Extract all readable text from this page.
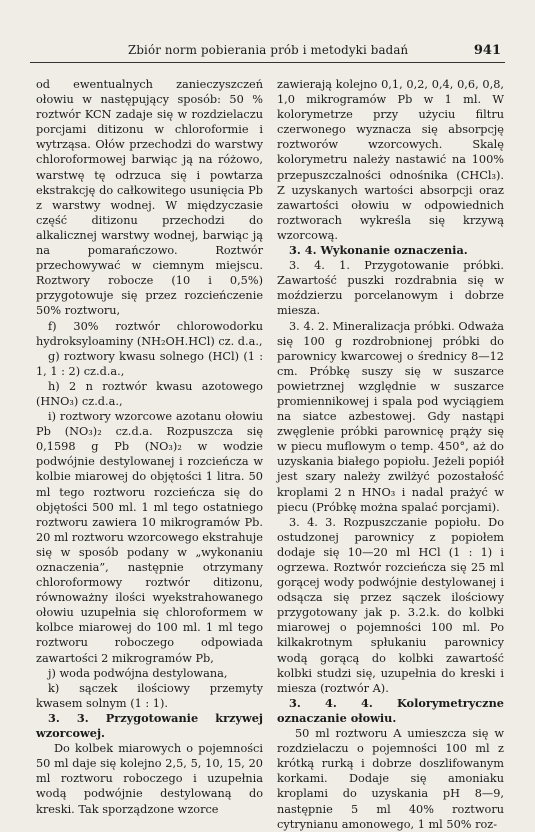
Zbiór norm pobierania prób i metodyki badań	941

od ewentualnych zanieczyszczeń ołowiu w następujący sposób: 50 % roztwór KCN zadaje się w rozdzielaczu porcjami ditizonu w chloroformie i wytrząsa. Ołów przechodzi do warstwy chloroformowej barwiąc ją na różowo, warstwę tę odrzuca się i powtarza ekstrakcję do całkowitego usunięcia Pb z warstwy wodnej. W międzyczasie część ditizonu przechodzi do alkalicznej warstwy wodnej, barwiąc ją na pomarańczowo. Roztwór przechowywać w ciemnym miejscu. Roztwory robocze (10 i 0,5%) przygotowuje się przez rozcieńczenie 50% roztworu,

f) 30% roztwór chlorowodorku hydroksyloaminy (NH₂OH.HCl) cz. d.a.,

g) roztwory kwasu solnego (HCl) (1 : 1, 1 : 2) cz.d.a.,

h) 2 n roztwór kwasu azotowego (HNO₃) cz.d.a.,

i) roztwory wzorcowe azotanu ołowiu Pb (NO₃)₂ cz.d.a. Rozpuszcza się 0,1598 g Pb (NO₃)₂ w wodzie podwójnie destylowanej i rozcieńcza w kolbie miarowej do objętości 1 litra. 50 ml tego roztworu rozcieńcza się do objętości 500 ml. 1 ml tego ostatniego roztworu zawiera 10 mikrogramów Pb. 20 ml roztworu wzorcowego ekstrahuje się w sposób podany w „wykonaniu oznaczenia”, następnie otrzymany chloroformowy roztwór ditizonu, równoważny ilości wyekstrahowanego ołowiu uzupełnia się chloroformem w kolbce miarowej do 100 ml. 1 ml tego roztworu roboczego odpowiada zawartości 2 mikrogramów Pb,

j) woda podwójna destylowana,

k) sączek ilościowy przemyty kwasem solnym (1 : 1).

3. 3. Przygotowanie krzywej wzorcowej.

Do kolbek miarowych o pojemności 50 ml daje się kolejno 2,5, 5, 10, 15, 20 ml roztworu roboczego i uzupełnia wodą podwójnie destylowaną do kreski. Tak sporządzone wzorce

zawierają kolejno 0,1, 0,2, 0,4, 0,6, 0,8, 1,0 mikrogramów Pb w 1 ml. W kolorymetrze przy użyciu filtru czerwonego wyznacza się absorpcję roztworów wzorcowych. Skalę kolorymetru należy nastawić na 100% przepuszczalności odnośnika (CHCl₃). Z uzyskanych wartości absorpcji oraz zawartości ołowiu w odpowiednich roztworach wykreśla się krzywą wzorcową.

3. 4. Wykonanie oznaczenia.

3. 4. 1. Przygotowanie próbki. Zawartość puszki rozdrabnia się w moździerzu porcelanowym i dobrze miesza.

3. 4. 2. Mineralizacja próbki. Odważa się 100 g rozdrobnionej próbki do parownicy kwarcowej o średnicy 8—12 cm. Próbkę suszy się w suszarce powietrznej względnie w suszarce promiennikowej i spala pod wyciągiem na siatce azbestowej. Gdy nastąpi zwęglenie próbki parownicę prąży się w piecu muflowym o temp. 450°, aż do uzyskania białego popiołu. Jeżeli popiół jest szary należy zwilżyć pozostałość kroplami 2 n HNO₃ i nadal prażyć w piecu (Próbkę można spalać porcjami).

3. 4. 3. Rozpuszczanie popiołu. Do ostudzonej parownicy z popiołem dodaje się 10—20 ml HCl (1 : 1) i ogrzewa. Roztwór rozcieńcza się 25 ml gorącej wody podwójnie destylowanej i odsącza się przez sączek ilościowy przygotowany jak p. 3.2.k. do kolbki miarowej o pojemności 100 ml. Po kilkakrotnym spłukaniu parownicy wodą gorącą do kolbki zawartość kolbki studzi się, uzupełnia do kreski i miesza (roztwór A).

3. 4. 4. Kolorymetryczne oznaczanie ołowiu.

50 ml roztworu A umieszcza się w rozdzielaczu o pojemności 100 ml z krótką rurką i dobrze doszlifowanym korkami. Dodaje się amoniaku kroplami do uzyskania pH 8—9, następnie 5 ml 40% roztworu cytrynianu amonowego, 1 ml 50% roz-
